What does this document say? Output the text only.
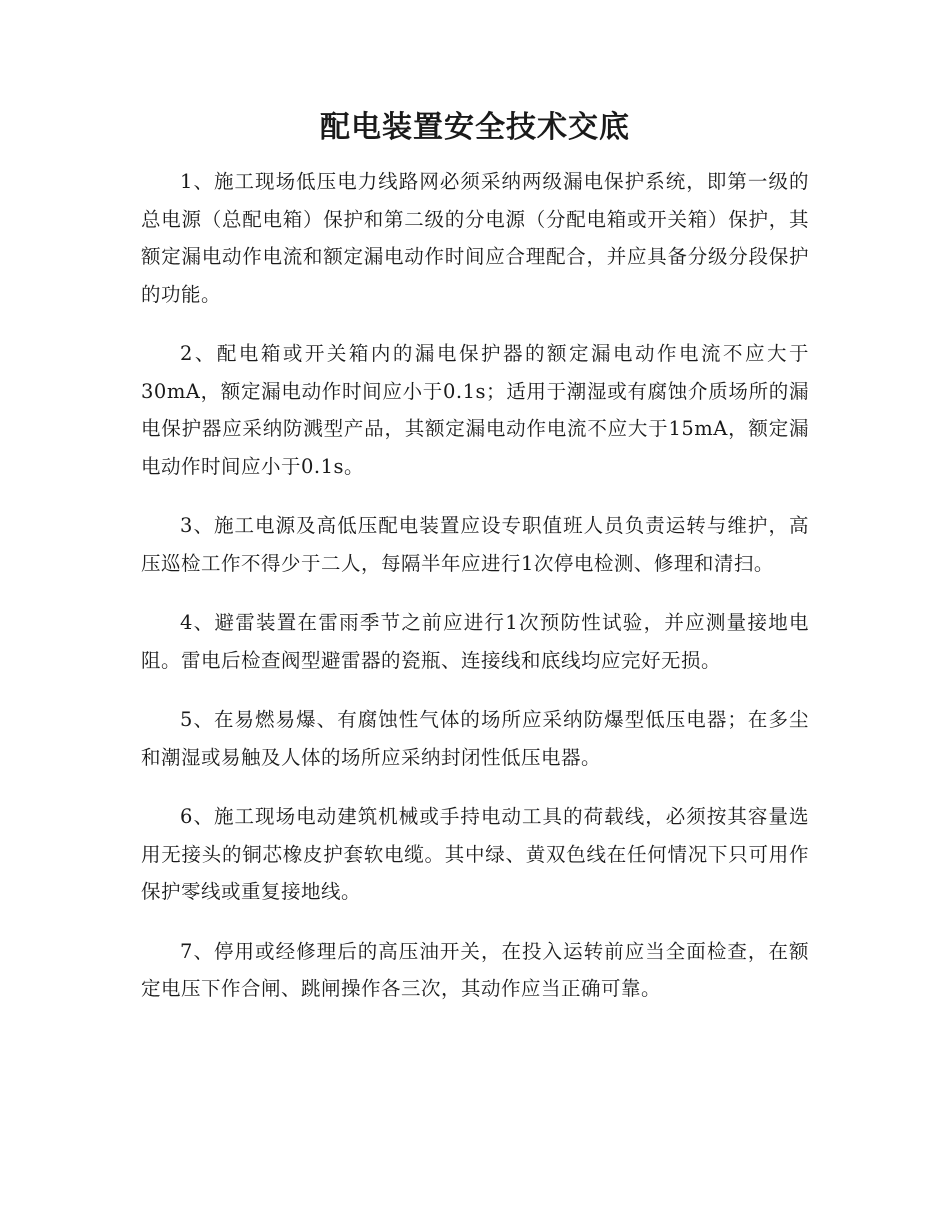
配电装置安全技术交底

1、施工现场低压电力线路网必须采纳两级漏电保护系统，即第一级的总电源（总配电箱）保护和第二级的分电源（分配电箱或开关箱）保护，其额定漏电动作电流和额定漏电动作时间应合理配合，并应具备分级分段保护的功能。

2、配电箱或开关箱内的漏电保护器的额定漏电动作电流不应大于30mA，额定漏电动作时间应小于0.1s；适用于潮湿或有腐蚀介质场所的漏电保护器应采纳防溅型产品，其额定漏电动作电流不应大于15mA，额定漏电动作时间应小于0.1s。

3、施工电源及高低压配电装置应设专职值班人员负责运转与维护，高压巡检工作不得少于二人，每隔半年应进行1次停电检测、修理和清扫。

4、避雷装置在雷雨季节之前应进行1次预防性试验，并应测量接地电阻。雷电后检查阀型避雷器的瓷瓶、连接线和底线均应完好无损。

5、在易燃易爆、有腐蚀性气体的场所应采纳防爆型低压电器；在多尘和潮湿或易触及人体的场所应采纳封闭性低压电器。

6、施工现场电动建筑机械或手持电动工具的荷载线，必须按其容量选用无接头的铜芯橡皮护套软电缆。其中绿、黄双色线在任何情况下只可用作保护零线或重复接地线。

7、停用或经修理后的高压油开关，在投入运转前应当全面检查，在额定电压下作合闸、跳闸操作各三次，其动作应当正确可靠。
